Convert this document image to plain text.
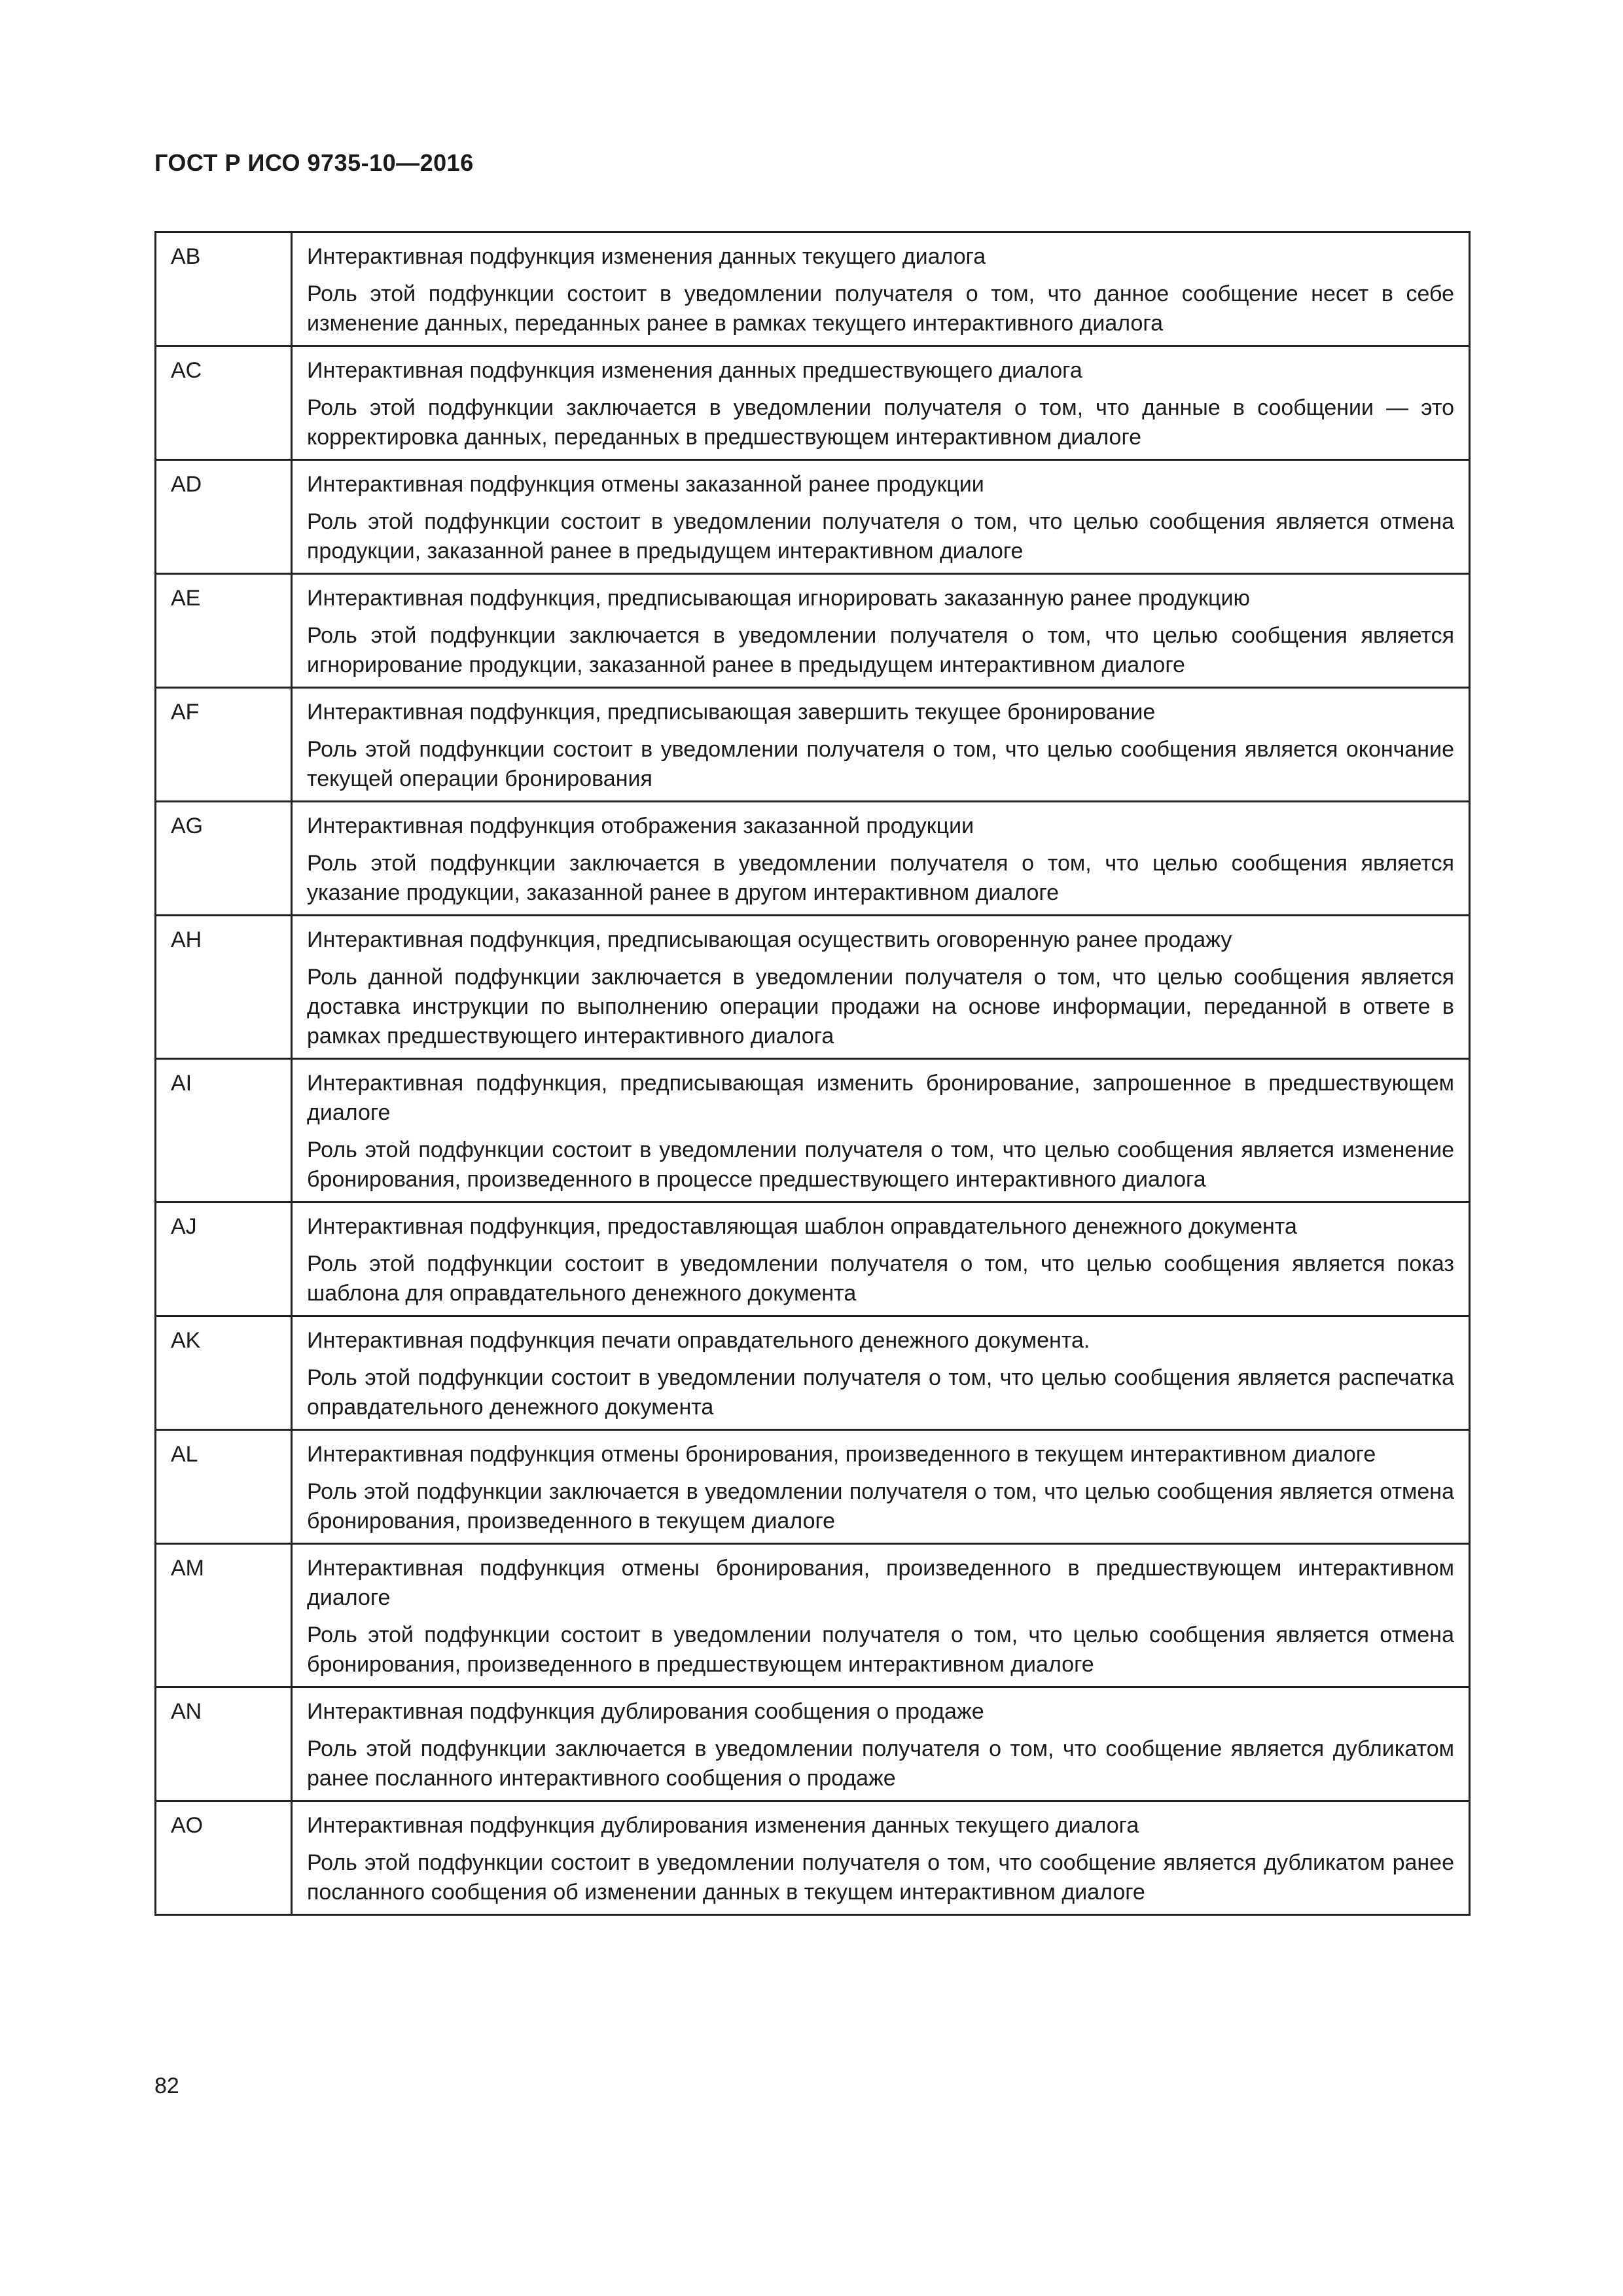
ГОСТ Р ИСО 9735-10—2016
AB	Интерактивная подфункция изменения данных текущего диалога

Роль этой подфункции состоит в уведомлении получателя о том, что данное сообщение несет в себе изменение данных, переданных ранее в рамках текущего интерактивного диалога

AC	Интерактивная подфункция изменения данных предшествующего диалога

Роль этой подфункции заключается в уведомлении получателя о том, что данные в сообщении — это корректировка данных, переданных в предшествующем интерактивном диалоге

AD	Интерактивная подфункция отмены заказанной ранее продукции

Роль этой подфункции состоит в уведомлении получателя о том, что целью сообщения является отмена продукции, заказанной ранее в предыдущем интерактивном диалоге

AE	Интерактивная подфункция, предписывающая игнорировать заказанную ранее продукцию

Роль этой подфункции заключается в уведомлении получателя о том, что целью сообщения является игнорирование продукции, заказанной ранее в предыдущем интерактивном диалоге

AF	Интерактивная подфункция, предписывающая завершить текущее бронирование

Роль этой подфункции состоит в уведомлении получателя о том, что целью сообщения является окончание текущей операции бронирования

AG	Интерактивная подфункция отображения заказанной продукции

Роль этой подфункции заключается в уведомлении получателя о том, что целью сообщения является указание продукции, заказанной ранее в другом интерактивном диалоге

AH	Интерактивная подфункция, предписывающая осуществить оговоренную ранее продажу

Роль данной подфункции заключается в уведомлении получателя о том, что целью сообщения является доставка инструкции по выполнению операции продажи на основе информации, переданной в ответе в рамках предшествующего интерактивного диалога

AI	Интерактивная подфункция, предписывающая изменить бронирование, запрошенное в предшествующем диалоге

Роль этой подфункции состоит в уведомлении получателя о том, что целью сообщения является изменение бронирования, произведенного в процессе предшествующего интерактивного диалога

AJ	Интерактивная подфункция, предоставляющая шаблон оправдательного денежного документа

Роль этой подфункции состоит в уведомлении получателя о том, что целью сообщения является показ шаблона для оправдательного денежного документа

AK	Интерактивная подфункция печати оправдательного денежного документа.

Роль этой подфункции состоит в уведомлении получателя о том, что целью сообщения является распечатка оправдательного денежного документа

AL	Интерактивная подфункция отмены бронирования, произведенного в текущем интерактивном диалоге

Роль этой подфункции заключается в уведомлении получателя о том, что целью сообщения является отмена бронирования, произведенного в текущем диалоге

AM	Интерактивная подфункция отмены бронирования, произведенного в предшествующем интерактивном диалоге

Роль этой подфункции состоит в уведомлении получателя о том, что целью сообщения является отмена бронирования, произведенного в предшествующем интерактивном диалоге

AN	Интерактивная подфункция дублирования сообщения о продаже

Роль этой подфункции заключается в уведомлении получателя о том, что сообщение является дубликатом ранее посланного интерактивного сообщения о продаже

AO	Интерактивная подфункция дублирования изменения данных текущего диалога

Роль этой подфункции состоит в уведомлении получателя о том, что сообщение является дубликатом ранее посланного сообщения об изменении данных в текущем интерактивном диалоге

82
